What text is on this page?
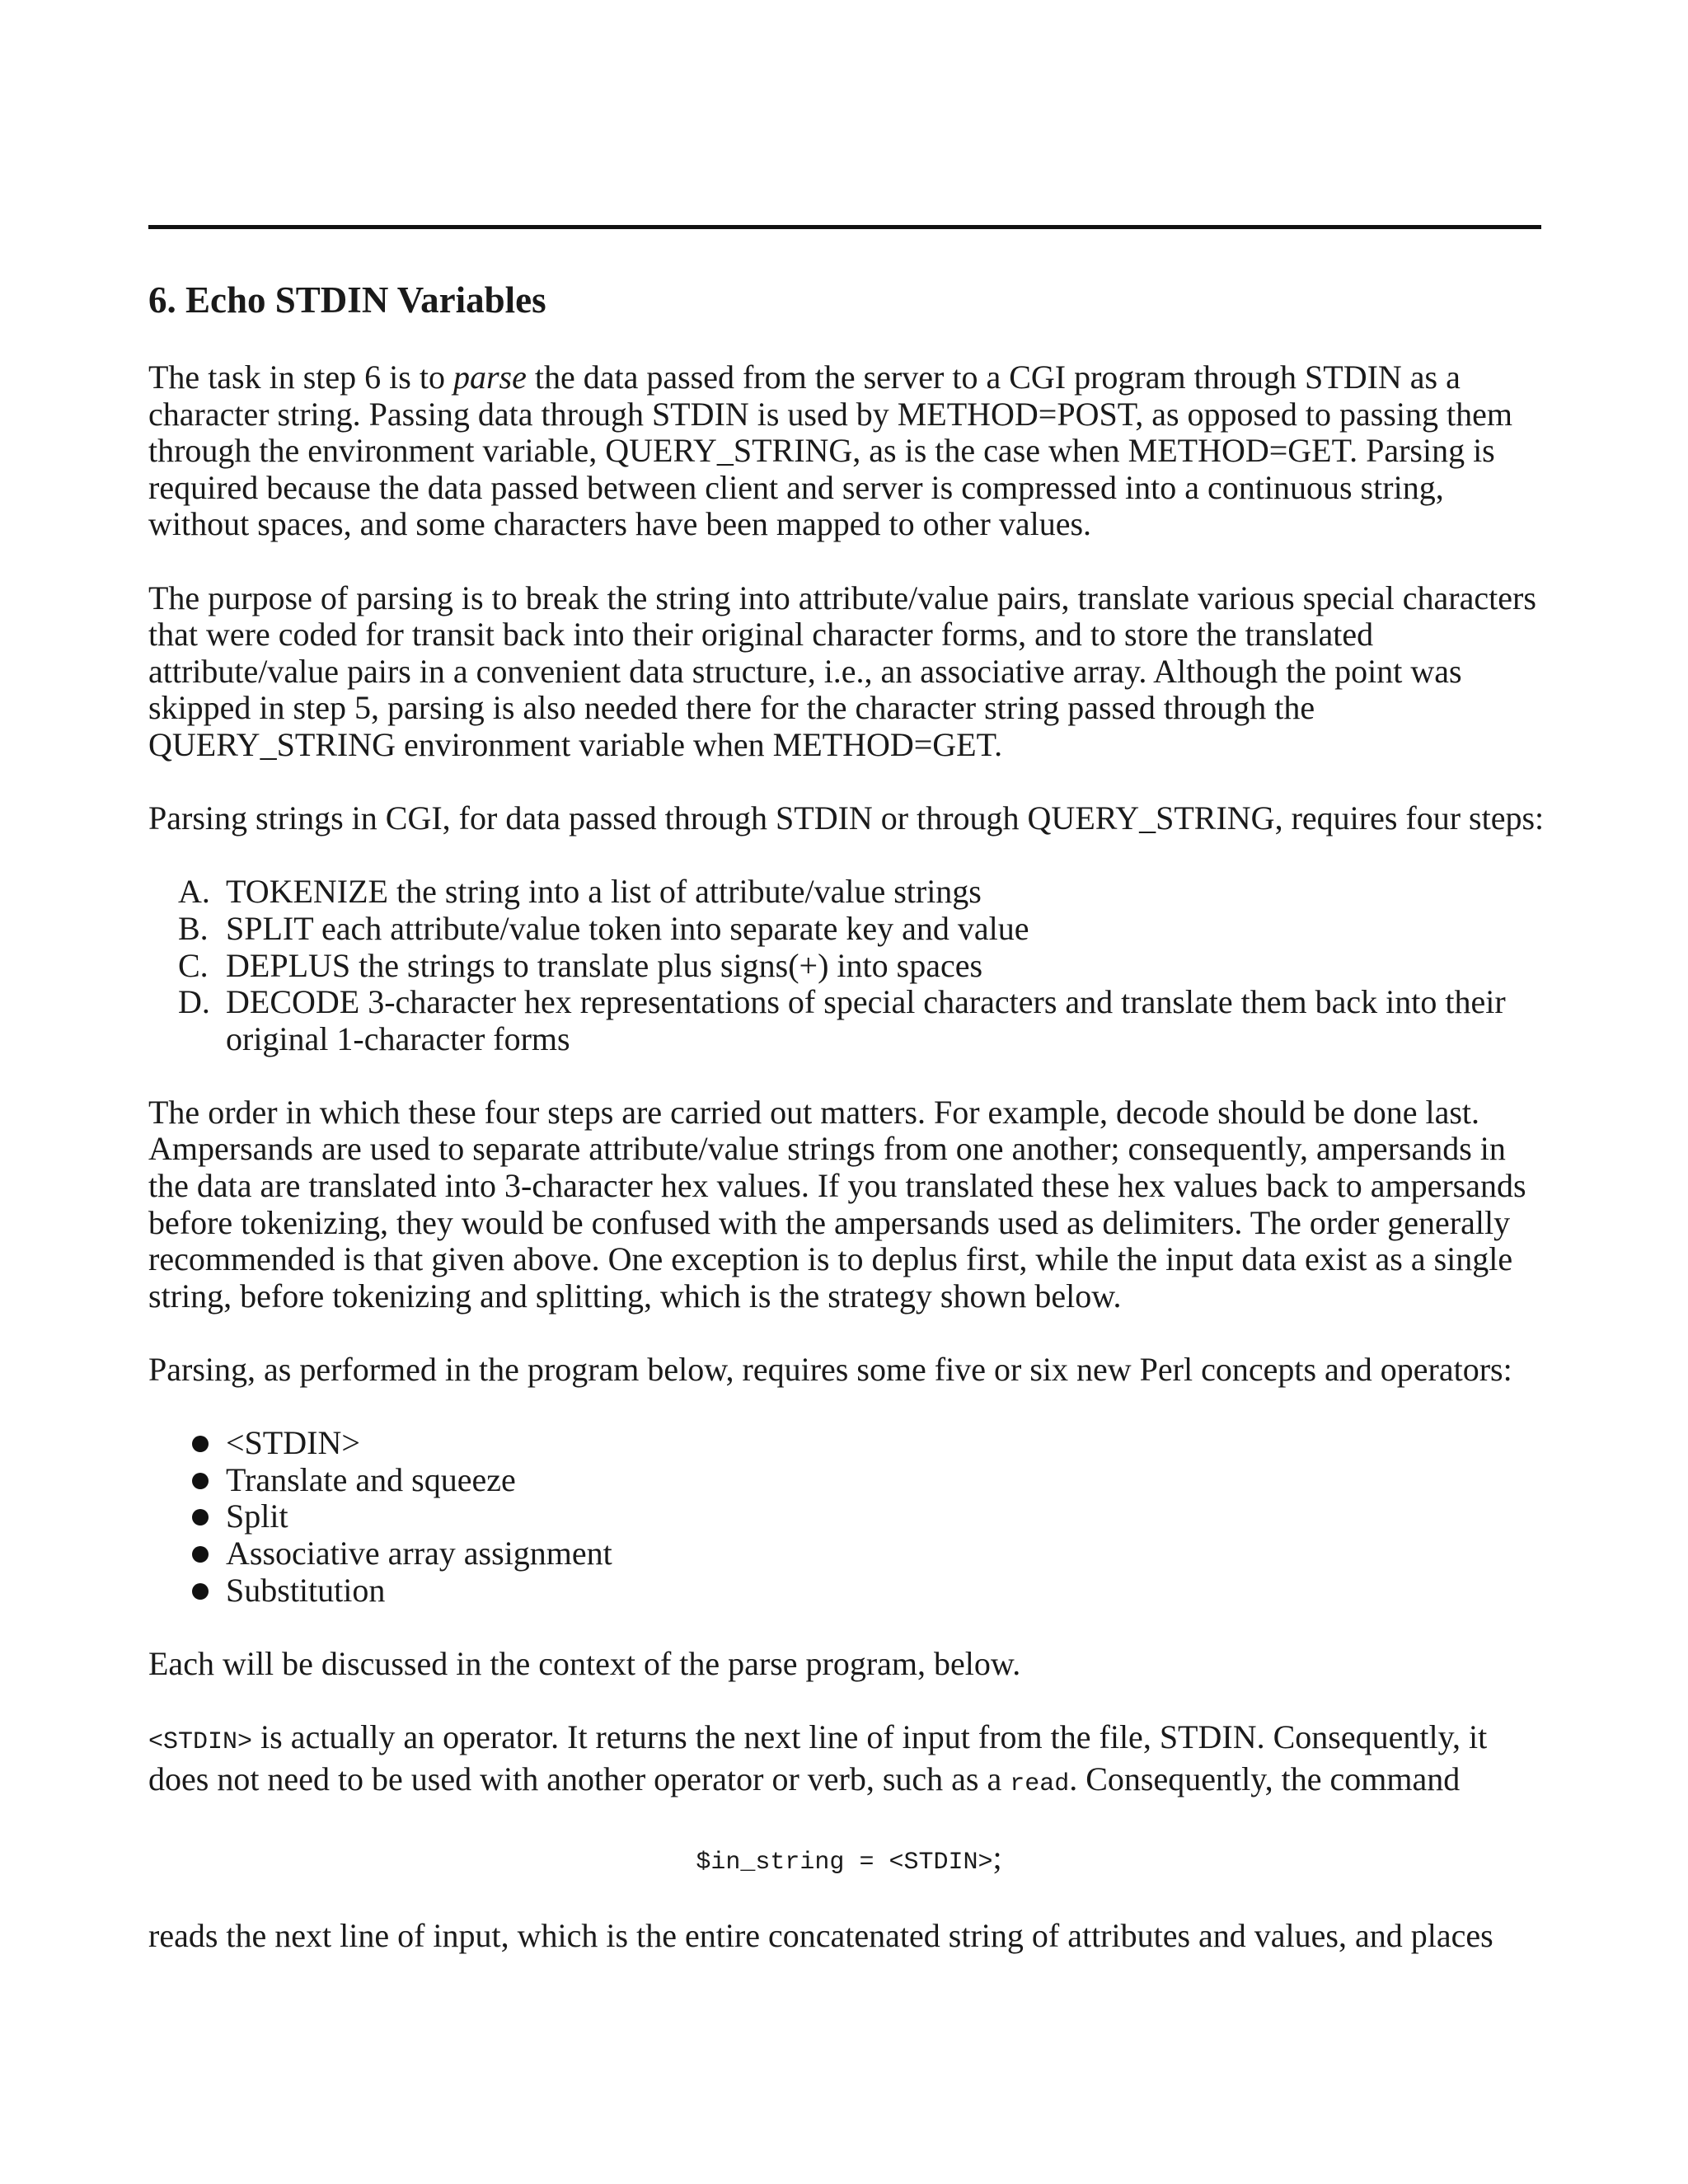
6. Echo STDIN Variables

The task in step 6 is to parse the data passed from the server to a CGI program through STDIN as a character string. Passing data through STDIN is used by METHOD=POST, as opposed to passing them through the environment variable, QUERY_STRING, as is the case when METHOD=GET. Parsing is required because the data passed between client and server is compressed into a continuous string, without spaces, and some characters have been mapped to other values.

The purpose of parsing is to break the string into attribute/value pairs, translate various special characters that were coded for transit back into their original character forms, and to store the translated attribute/value pairs in a convenient data structure, i.e., an associative array. Although the point was skipped in step 5, parsing is also needed there for the character string passed through the QUERY_STRING environment variable when METHOD=GET.

Parsing strings in CGI, for data passed through STDIN or through QUERY_STRING, requires four steps:

A. TOKENIZE the string into a list of attribute/value strings
B. SPLIT each attribute/value token into separate key and value
C. DEPLUS the strings to translate plus signs(+) into spaces
D. DECODE 3-character hex representations of special characters and translate them back into their original 1-character forms

The order in which these four steps are carried out matters. For example, decode should be done last. Ampersands are used to separate attribute/value strings from one another; consequently, ampersands in the data are translated into 3-character hex values. If you translated these hex values back to ampersands before tokenizing, they would be confused with the ampersands used as delimiters. The order generally recommended is that given above. One exception is to deplus first, while the input data exist as a single string, before tokenizing and splitting, which is the strategy shown below.

Parsing, as performed in the program below, requires some five or six new Perl concepts and operators:

<STDIN>
Translate and squeeze
Split
Associative array assignment
Substitution

Each will be discussed in the context of the parse program, below.

<STDIN> is actually an operator. It returns the next line of input from the file, STDIN. Consequently, it does not need to be used with another operator or verb, such as a read. Consequently, the command

$in_string = <STDIN>;

reads the next line of input, which is the entire concatenated string of attributes and values, and places
